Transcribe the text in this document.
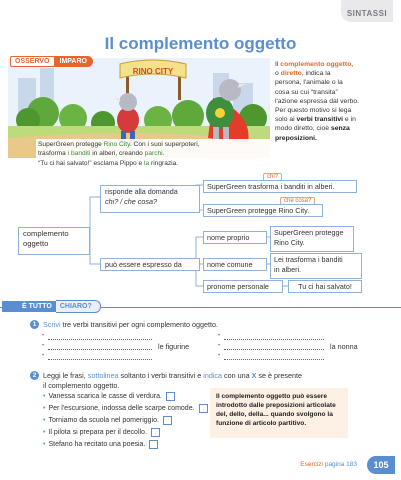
SINTASSI
Il complemento oggetto
RINO CITY
OSSERVO	IMPARO
SuperGreen protegge Rino City. Con i suoi superpoteri,
trasforma i banditi in alberi, creando parchi.
“Tu ci hai salvato!” esclama Pippo e la ringrazia.
Il complemento oggetto,
o diretto, indica la
persona, l'animale o la
cosa su cui “transita”
l'azione espressa dal verbo.
Per questo motivo si lega
solo ai verbi transitivi e in
modo diretto, cioè senza
preposizioni.
chi?
SuperGreen trasforma i banditi in alberi.
risponde alla domanda
chi? / che cosa?	che cosa?
SuperGreen protegge Rino City.
complemento
oggetto
nome proprio
SuperGreen protegge
Rino City.
può essere espresso da	nome comune
Lei trasforma i banditi
in alberi.
pronome personale	Tu ci hai salvato!
È TUTTO	CHIARO?
1 Scrivi tre verbi transitivi per ogni complemento oggetto.
•
•
•
le figurine
•
•
•
la nonna
2 Leggi le frasi, sottolinea soltanto i verbi transitivi e indica con una X se è presente
il complemento oggetto.
• Vanessa scarica le casse di verdura.
• Per l'escursione, indossa delle scarpe comode.
• Torniamo da scuola nel pomeriggio.
• Il pilota si prepara per il decollo.
• Stefano ha recitato una poesia.
Il complemento oggetto può essere
introdotto dalle preposizioni articolate
del, dello, della... quando svolgono la
funzione di articolo partitivo.
Esercizi pagina 183	105
